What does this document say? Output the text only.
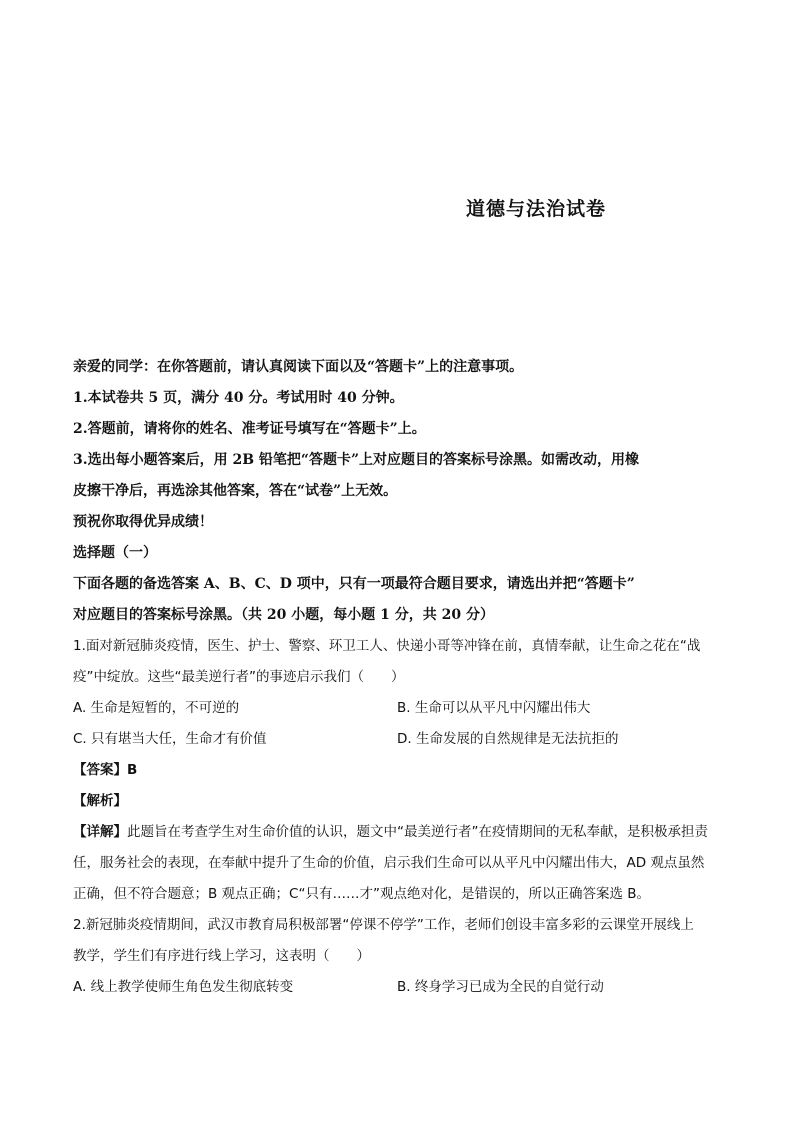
道德与法治试卷
亲爱的同学：在你答题前，请认真阅读下面以及“答题卡”上的注意事项。
1.本试卷共 5 页，满分 40 分。考试用时 40 分钟。
2.答题前，请将你的姓名、准考证号填写在“答题卡”上。
3.选出每小题答案后，用 2B 铅笔把“答题卡”上对应题目的答案标号涂黑。如需改动，用橡
皮擦干净后，再选涂其他答案，答在“试卷”上无效。
预祝你取得优异成绩！
选择题（一）
下面各题的备选答案 A、B、C、D 项中，只有一项最符合题目要求，请选出并把“答题卡”
对应题目的答案标号涂黑。（共 20 小题，每小题 1 分，共 20 分）
1.面对新冠肺炎疫情，医生、护士、警察、环卫工人、快递小哥等冲锋在前，真情奉献，让生命之花在“战
疫”中绽放。这些“最美逆行者”的事迹启示我们（　　）
A. 生命是短暂的，不可逆的	B. 生命可以从平凡中闪耀出伟大
C. 只有堪当大任，生命才有价值	D. 生命发展的自然规律是无法抗拒的
【答案】B
【解析】
【详解】此题旨在考查学生对生命价值的认识，题文中“最美逆行者”在疫情期间的无私奉献，是积极承担责
任，服务社会的表现，在奉献中提升了生命的价值，启示我们生命可以从平凡中闪耀出伟大，AD 观点虽然
正确，但不符合题意；B 观点正确；C“只有……才”观点绝对化，是错误的，所以正确答案选 B。
2.新冠肺炎疫情期间，武汉市教育局积极部署“停课不停学”工作，老师们创设丰富多彩的云课堂开展线上
教学，学生们有序进行线上学习，这表明（　　）
A. 线上教学使师生角色发生彻底转变	B. 终身学习已成为全民的自觉行动
